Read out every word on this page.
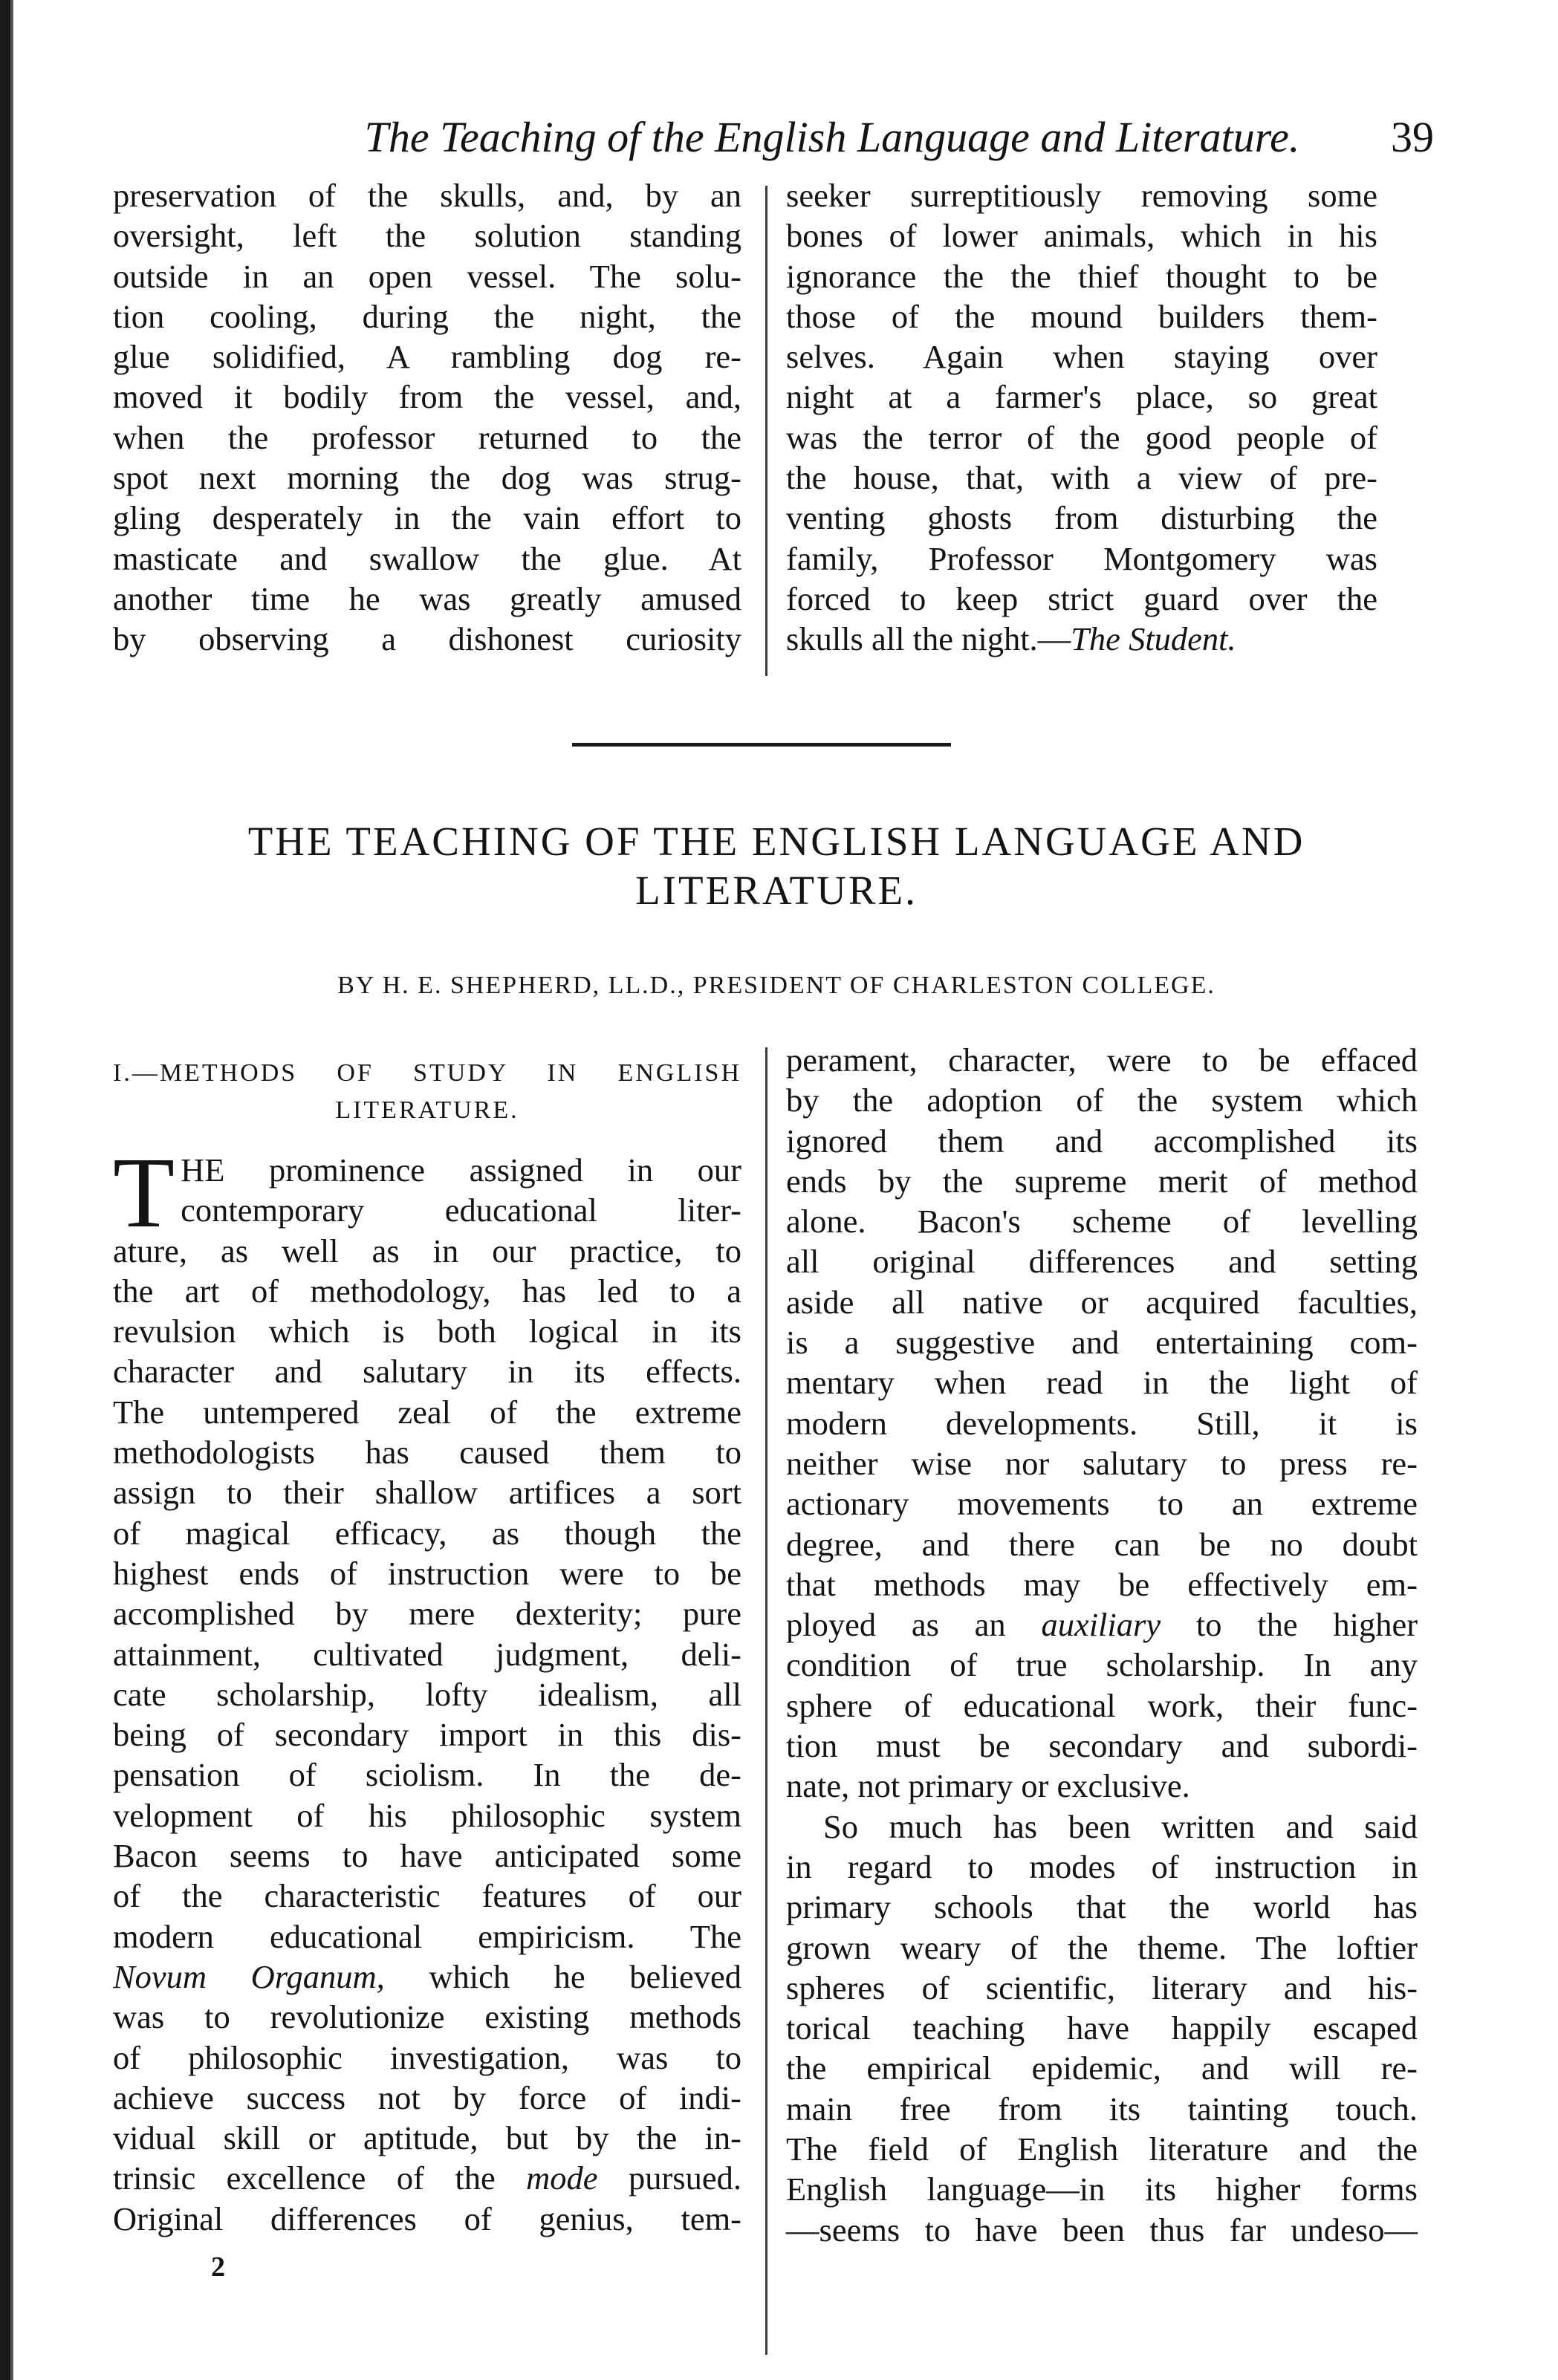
The Teaching of the English Language and Literature.	39
preservation of the skulls, and, by an
oversight, left the solution standing
outside in an open vessel. The solu-
tion cooling, during the night, the
glue solidified, A rambling dog re-
moved it bodily from the vessel, and,
when the professor returned to the
spot next morning the dog was strug-
gling desperately in the vain effort to
masticate and swallow the glue. At
another time he was greatly amused
by observing a dishonest curiosity
seeker surreptitiously removing some
bones of lower animals, which in his
ignorance the the thief thought to be
those of the mound builders them-
selves. Again when staying over
night at a farmer's place, so great
was the terror of the good people of
the house, that, with a view of pre-
venting ghosts from disturbing the
family, Professor Montgomery was
forced to keep strict guard over the
skulls all the night.—The Student.
THE TEACHING OF THE ENGLISH LANGUAGE AND
LITERATURE.
BY H. E. SHEPHERD, LL.D., PRESIDENT OF CHARLESTON COLLEGE.
I.—METHODS OF STUDY IN ENGLISH
LITERATURE.
T HE prominence assigned in our
contemporary educational liter-
ature, as well as in our practice, to
the art of methodology, has led to a
revulsion which is both logical in its
character and salutary in its effects.
The untempered zeal of the extreme
methodologists has caused them to
assign to their shallow artifices a sort
of magical efficacy, as though the
highest ends of instruction were to be
accomplished by mere dexterity; pure
attainment, cultivated judgment, deli-
cate scholarship, lofty idealism, all
being of secondary import in this dis-
pensation of sciolism. In the de-
velopment of his philosophic system
Bacon seems to have anticipated some
of the characteristic features of our
modern educational empiricism. The
Novum Organum, which he believed
was to revolutionize existing methods
of philosophic investigation, was to
achieve success not by force of indi-
vidual skill or aptitude, but by the in-
trinsic excellence of the mode pursued.
Original differences of genius, tem-
2
perament, character, were to be effaced
by the adoption of the system which
ignored them and accomplished its
ends by the supreme merit of method
alone. Bacon's scheme of levelling
all original differences and setting
aside all native or acquired faculties,
is a suggestive and entertaining com-
mentary when read in the light of
modern developments. Still, it is
neither wise nor salutary to press re-
actionary movements to an extreme
degree, and there can be no doubt
that methods may be effectively em-
ployed as an auxiliary to the higher
condition of true scholarship. In any
sphere of educational work, their func-
tion must be secondary and subordi-
nate, not primary or exclusive.
So much has been written and said
in regard to modes of instruction in
primary schools that the world has
grown weary of the theme. The loftier
spheres of scientific, literary and his-
torical teaching have happily escaped
the empirical epidemic, and will re-
main free from its tainting touch.
The field of English literature and the
English language—in its higher forms
—seems to have been thus far undeso—
